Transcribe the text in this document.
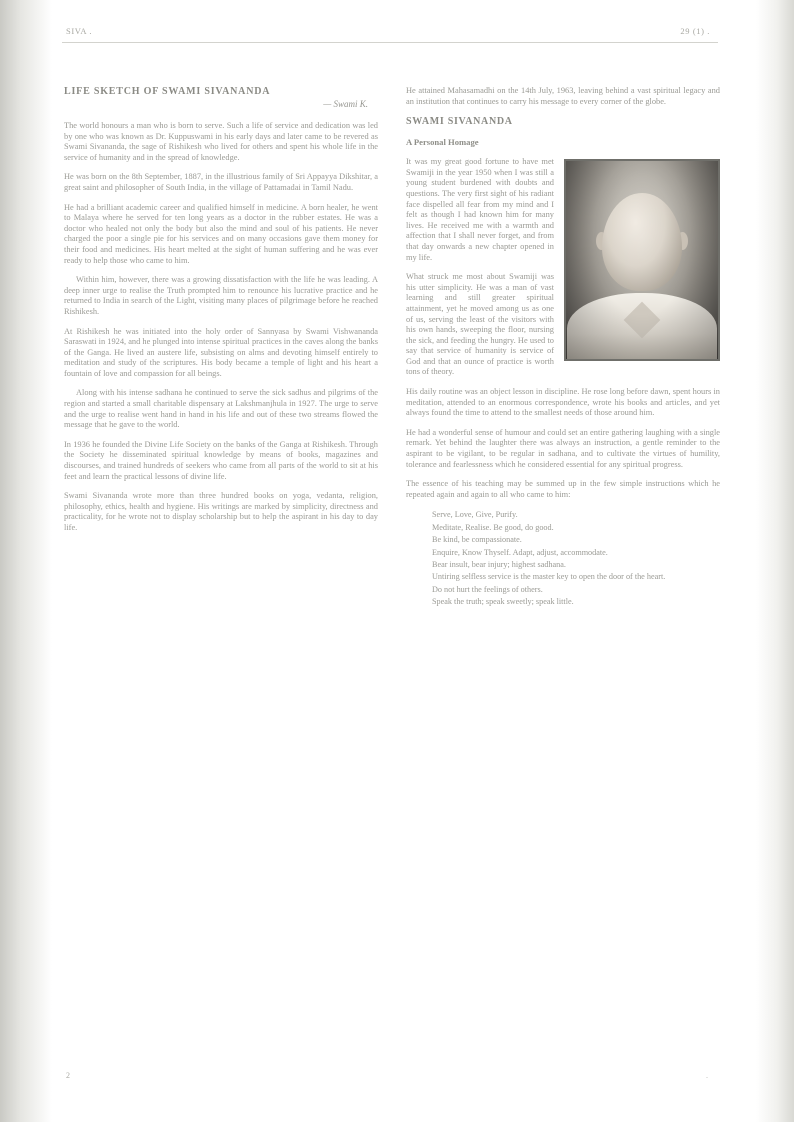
SIVA .	29 (1) .
LIFE SKETCH OF SWAMI SIVANANDA
— Swami K.

The world honours a man who is born to serve. Such a life of service and dedication was led by one who was known as Dr. Kuppuswami in his early days and later came to be revered as Swami Sivananda, the sage of Rishikesh who lived for others and spent his whole life in the service of humanity and in the spread of knowledge.

He was born on the 8th September, 1887, in the illustrious family of Sri Appayya Dikshitar, a great saint and philosopher of South India, in the village of Pattamadai in Tamil Nadu.

He had a brilliant academic career and qualified himself in medicine. A born healer, he went to Malaya where he served for ten long years as a doctor in the rubber estates. He was a doctor who healed not only the body but also the mind and soul of his patients. He never charged the poor a single pie for his services and on many occasions gave them money for their food and medicines. His heart melted at the sight of human suffering and he was ever ready to help those who came to him.

Within him, however, there was a growing dissatisfaction with the life he was leading. A deep inner urge to realise the Truth prompted him to renounce his lucrative practice and he returned to India in search of the Light, visiting many places of pilgrimage before he reached Rishikesh.

At Rishikesh he was initiated into the holy order of Sannyasa by Swami Vishwananda Saraswati in 1924, and he plunged into intense spiritual practices in the caves along the banks of the Ganga. He lived an austere life, subsisting on alms and devoting himself entirely to meditation and study of the scriptures. His body became a temple of light and his heart a fountain of love and compassion for all beings.

Along with his intense sadhana he continued to serve the sick sadhus and pilgrims of the region and started a small charitable dispensary at Lakshmanjhula in 1927. The urge to serve and the urge to realise went hand in hand in his life and out of these two streams flowed the message that he gave to the world.

In 1936 he founded the Divine Life Society on the banks of the Ganga at Rishikesh. Through the Society he disseminated spiritual knowledge by means of books, magazines and discourses, and trained hundreds of seekers who came from all parts of the world to sit at his feet and learn the practical lessons of divine life.

Swami Sivananda wrote more than three hundred books on yoga, vedanta, religion, philosophy, ethics, health and hygiene. His writings are marked by simplicity, directness and practicality, for he wrote not to display scholarship but to help the aspirant in his day to day life.

He attained Mahasamadhi on the 14th July, 1963, leaving behind a vast spiritual legacy and an institution that continues to carry his message to every corner of the globe.

SWAMI SIVANANDA
A Personal Homage

It was my great good fortune to have met Swamiji in the year 1950 when I was still a young student burdened with doubts and questions. The very first sight of his radiant face dispelled all fear from my mind and I felt as though I had known him for many lives. He received me with a warmth and affection that I shall never forget, and from that day onwards a new chapter opened in my life.

What struck me most about Swamiji was his utter simplicity. He was a man of vast learning and still greater spiritual attainment, yet he moved among us as one of us, serving the least of the visitors with his own hands, sweeping the floor, nursing the sick, and feeding the hungry. He used to say that service of humanity is service of God and that an ounce of practice is worth tons of theory.

His daily routine was an object lesson in discipline. He rose long before dawn, spent hours in meditation, attended to an enormous correspondence, wrote his books and articles, and yet always found the time to attend to the smallest needs of those around him.

He had a wonderful sense of humour and could set an entire gathering laughing with a single remark. Yet behind the laughter there was always an instruction, a gentle reminder to the aspirant to be vigilant, to be regular in sadhana, and to cultivate the virtues of humility, tolerance and fearlessness which he considered essential for any spiritual progress.

The essence of his teaching may be summed up in the few simple instructions which he repeated again and again to all who came to him:

Serve, Love, Give, Purify.
Meditate, Realise. Be good, do good.
Be kind, be compassionate.
Enquire, Know Thyself. Adapt, adjust, accommodate.
Bear insult, bear injury; highest sadhana.
Untiring selfless service is the master key to open the door of the heart.
Do not hurt the feelings of others.
Speak the truth; speak sweetly; speak little.
2	.
